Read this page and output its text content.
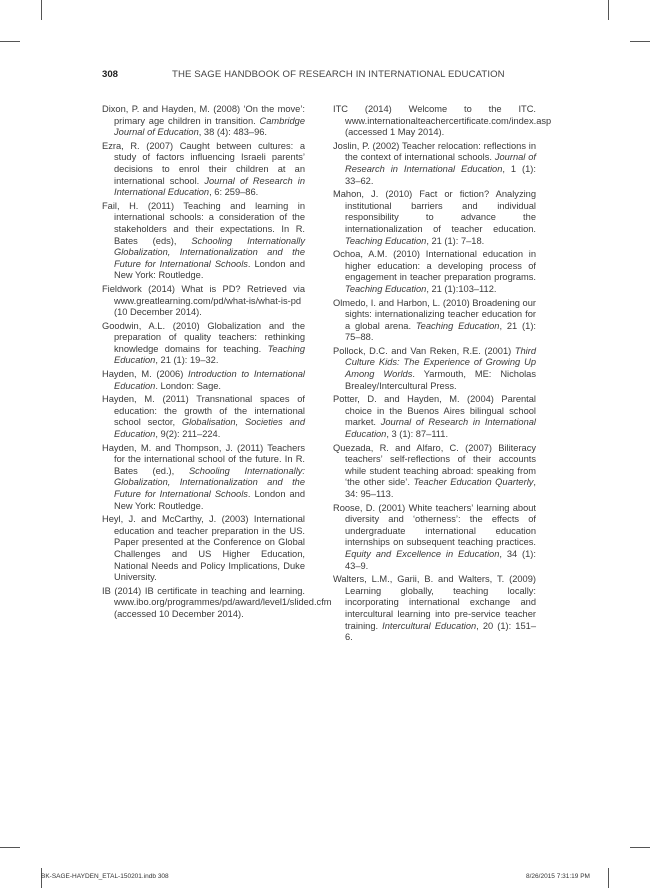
308	THE SAGE HANDBOOK OF RESEARCH IN INTERNATIONAL EDUCATION
Dixon, P. and Hayden, M. (2008) ‘On the move’: primary age children in transition. Cambridge Journal of Education, 38 (4): 483–96.
Ezra, R. (2007) Caught between cultures: a study of factors influencing Israeli parents’ decisions to enrol their children at an international school. Journal of Research in International Education, 6: 259–86.
Fail, H. (2011) Teaching and learning in international schools: a consideration of the stakeholders and their expectations. In R. Bates (eds), Schooling Internationally Globalization, Internationalization and the Future for International Schools. London and New York: Routledge.
Fieldwork (2014) What is PD? Retrieved via www.greatlearning.com/pd/what-is/what-is-pd (10 December 2014).
Goodwin, A.L. (2010) Globalization and the preparation of quality teachers: rethinking knowledge domains for teaching. Teaching Education, 21 (1): 19–32.
Hayden, M. (2006) Introduction to International Education. London: Sage.
Hayden, M. (2011) Transnational spaces of education: the growth of the international school sector, Globalisation, Societies and Education, 9(2): 211–224.
Hayden, M. and Thompson, J. (2011) Teachers for the international school of the future. In R. Bates (ed.), Schooling Internationally: Globalization, Internationalization and the Future for International Schools. London and New York: Routledge.
Heyl, J. and McCarthy, J. (2003) International education and teacher preparation in the US. Paper presented at the Conference on Global Challenges and US Higher Education, National Needs and Policy Implications, Duke University.
IB (2014) IB certificate in teaching and learning. www.ibo.org/programmes/pd/award/level1/slided.cfm (accessed 10 December 2014).
ITC (2014) Welcome to the ITC. www.internationalteachercertificate.com/index.asp (accessed 1 May 2014).
Joslin, P. (2002) Teacher relocation: reflections in the context of international schools. Journal of Research in International Education, 1 (1): 33–62.
Mahon, J. (2010) Fact or fiction? Analyzing institutional barriers and individual responsibility to advance the internationalization of teacher education. Teaching Education, 21 (1): 7–18.
Ochoa, A.M. (2010) International education in higher education: a developing process of engagement in teacher preparation programs. Teaching Education, 21 (1):103–112.
Olmedo, I. and Harbon, L. (2010) Broadening our sights: internationalizing teacher education for a global arena. Teaching Education, 21 (1): 75–88.
Pollock, D.C. and Van Reken, R.E. (2001) Third Culture Kids: The Experience of Growing Up Among Worlds. Yarmouth, ME: Nicholas Brealey/Intercultural Press.
Potter, D. and Hayden, M. (2004) Parental choice in the Buenos Aires bilingual school market. Journal of Research in International Education, 3 (1): 87–111.
Quezada, R. and Alfaro, C. (2007) Biliteracy teachers’ self-reflections of their accounts while student teaching abroad: speaking from ‘the other side’. Teacher Education Quarterly, 34: 95–113.
Roose, D. (2001) White teachers’ learning about diversity and ‘otherness’: the effects of undergraduate international education internships on subsequent teaching practices. Equity and Excellence in Education, 34 (1): 43–9.
Walters, L.M., Garii, B. and Walters, T. (2009) Learning globally, teaching locally: incorporating international exchange and intercultural learning into pre-service teacher training. Intercultural Education, 20 (1): 151–6.
BK-SAGE-HAYDEN_ETAL-150201.indb 308	8/26/2015 7:31:19 PM
